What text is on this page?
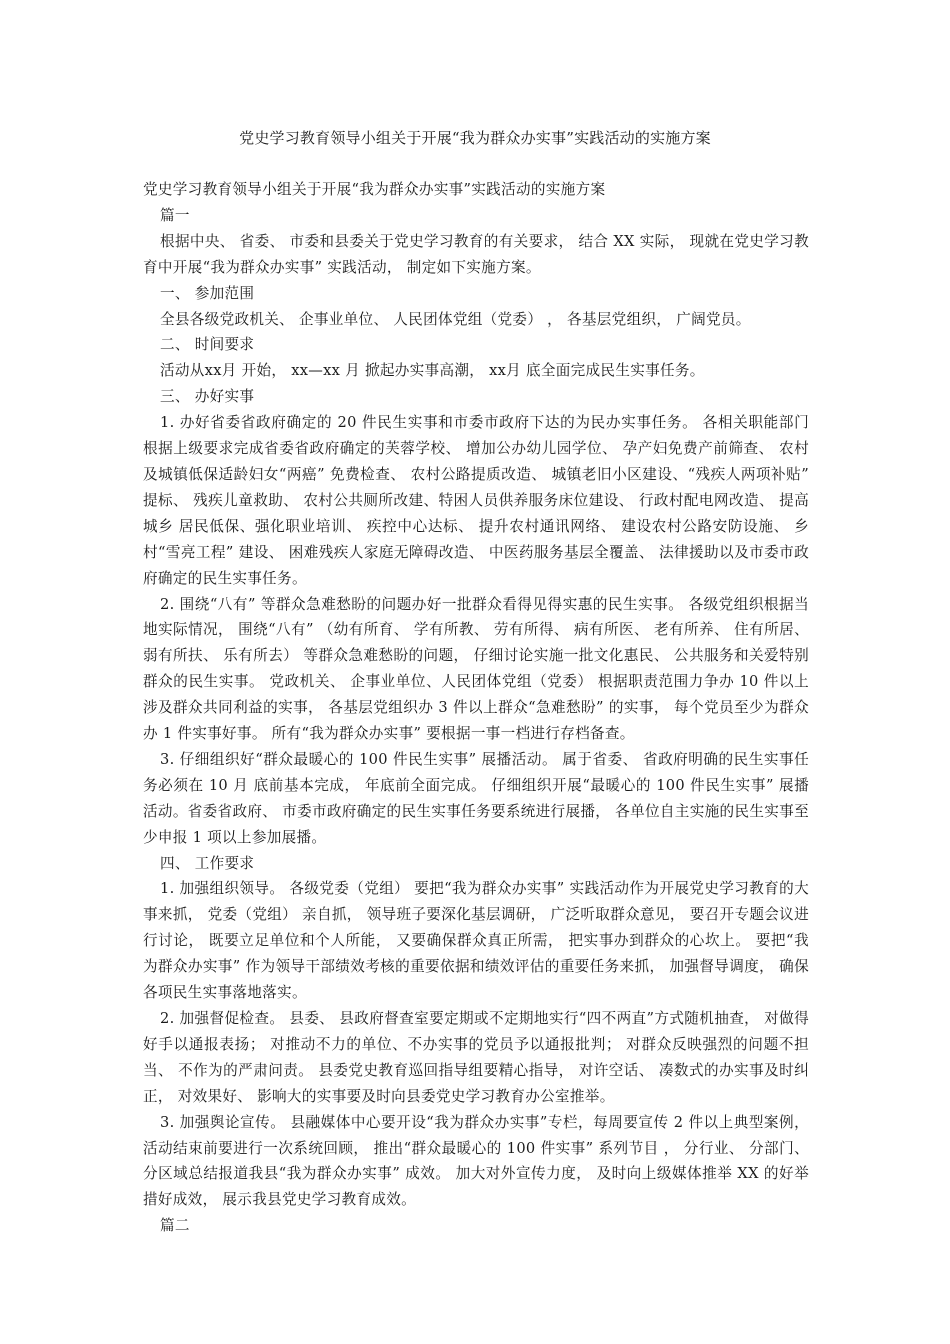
党史学习教育领导小组关于开展“我为群众办实事”实践活动的实施方案

党史学习教育领导小组关于开展“我为群众办实事”实践活动的实施方案

篇一

根据中央、 省委、 市委和县委关于党史学习教育的有关要求， 结合 XX 实际， 现就在党史学习教育中开展“我为群众办实事” 实践活动， 制定如下实施方案。

一、 参加范围

全县各级党政机关、 企事业单位、 人民团体党组（党委） ， 各基层党组织， 广阔党员。

二、 时间要求

活动从xx月 开始， xx—xx 月 掀起办实事高潮， xx月 底全面完成民生实事任务。

三、 办好实事

1. 办好省委省政府确定的 20 件民生实事和市委市政府下达的为民办实事任务。 各相关职能部门根据上级要求完成省委省政府确定的芙蓉学校、 增加公办幼儿园学位、 孕产妇免费产前筛查、 农村及城镇低保适龄妇女“两癌” 免费检查、 农村公路提质改造、 城镇老旧小区建设、“残疾人两项补贴” 提标、 残疾儿童救助、 农村公共厕所改建、特困人员供养服务床位建设、 行政村配电网改造、 提高城乡 居民低保、强化职业培训、 疾控中心达标、 提升农村通讯网络、 建设农村公路安防设施、 乡 村“雪亮工程” 建设、 困难残疾人家庭无障碍改造、 中医药服务基层全覆盖、 法律援助以及市委市政府确定的民生实事任务。

2. 围绕“八有” 等群众急难愁盼的问题办好一批群众看得见得实惠的民生实事。 各级党组织根据当地实际情况， 围绕“八有” （幼有所育、 学有所教、 劳有所得、 病有所医、 老有所养、 住有所居、 弱有所扶、 乐有所去） 等群众急难愁盼的问题， 仔细讨论实施一批文化惠民、 公共服务和关爱特别群众的民生实事。 党政机关、 企事业单位、人民团体党组（党委） 根据职责范围力争办 10 件以上涉及群众共同利益的实事， 各基层党组织办 3 件以上群众“急难愁盼” 的实事， 每个党员至少为群众办 1 件实事好事。 所有“我为群众办实事” 要根据一事一档进行存档备查。

3. 仔细组织好“群众最暖心的 100 件民生实事” 展播活动。 属于省委、 省政府明确的民生实事任务必须在 10 月 底前基本完成， 年底前全面完成。 仔细组织开展“最暖心的 100 件民生实事” 展播活动。省委省政府、 市委市政府确定的民生实事任务要系统进行展播， 各单位自主实施的民生实事至少申报 1 项以上参加展播。

四、 工作要求

1. 加强组织领导。 各级党委（党组） 要把“我为群众办实事” 实践活动作为开展党史学习教育的大事来抓， 党委（党组） 亲自抓， 领导班子要深化基层调研， 广泛听取群众意见， 要召开专题会议进行讨论， 既要立足单位和个人所能， 又要确保群众真正所需， 把实事办到群众的心坎上。 要把“我为群众办实事” 作为领导干部绩效考核的重要依据和绩效评估的重要任务来抓， 加强督导调度， 确保各项民生实事落地落实。

2. 加强督促检查。 县委、 县政府督查室要定期或不定期地实行“四不两直”方式随机抽查， 对做得好手以通报表扬； 对推动不力的单位、不办实事的党员予以通报批判； 对群众反映强烈的问题不担当、 不作为的严肃问责。 县委党史教育巡回指导组要精心指导， 对许空话、 凑数式的办实事及时纠正， 对效果好、 影响大的实事要及时向县委党史学习教育办公室推举。

3. 加强舆论宣传。 县融媒体中心要开设“我为群众办实事”专栏，每周要宣传 2 件以上典型案例， 活动结束前要进行一次系统回顾， 推出“群众最暖心的 100 件实事” 系列节目 ， 分行业、 分部门、 分区域总结报道我县“我为群众办实事” 成效。 加大对外宣传力度， 及时向上级媒体推举 XX 的好举措好成效， 展示我县党史学习教育成效。

篇二
